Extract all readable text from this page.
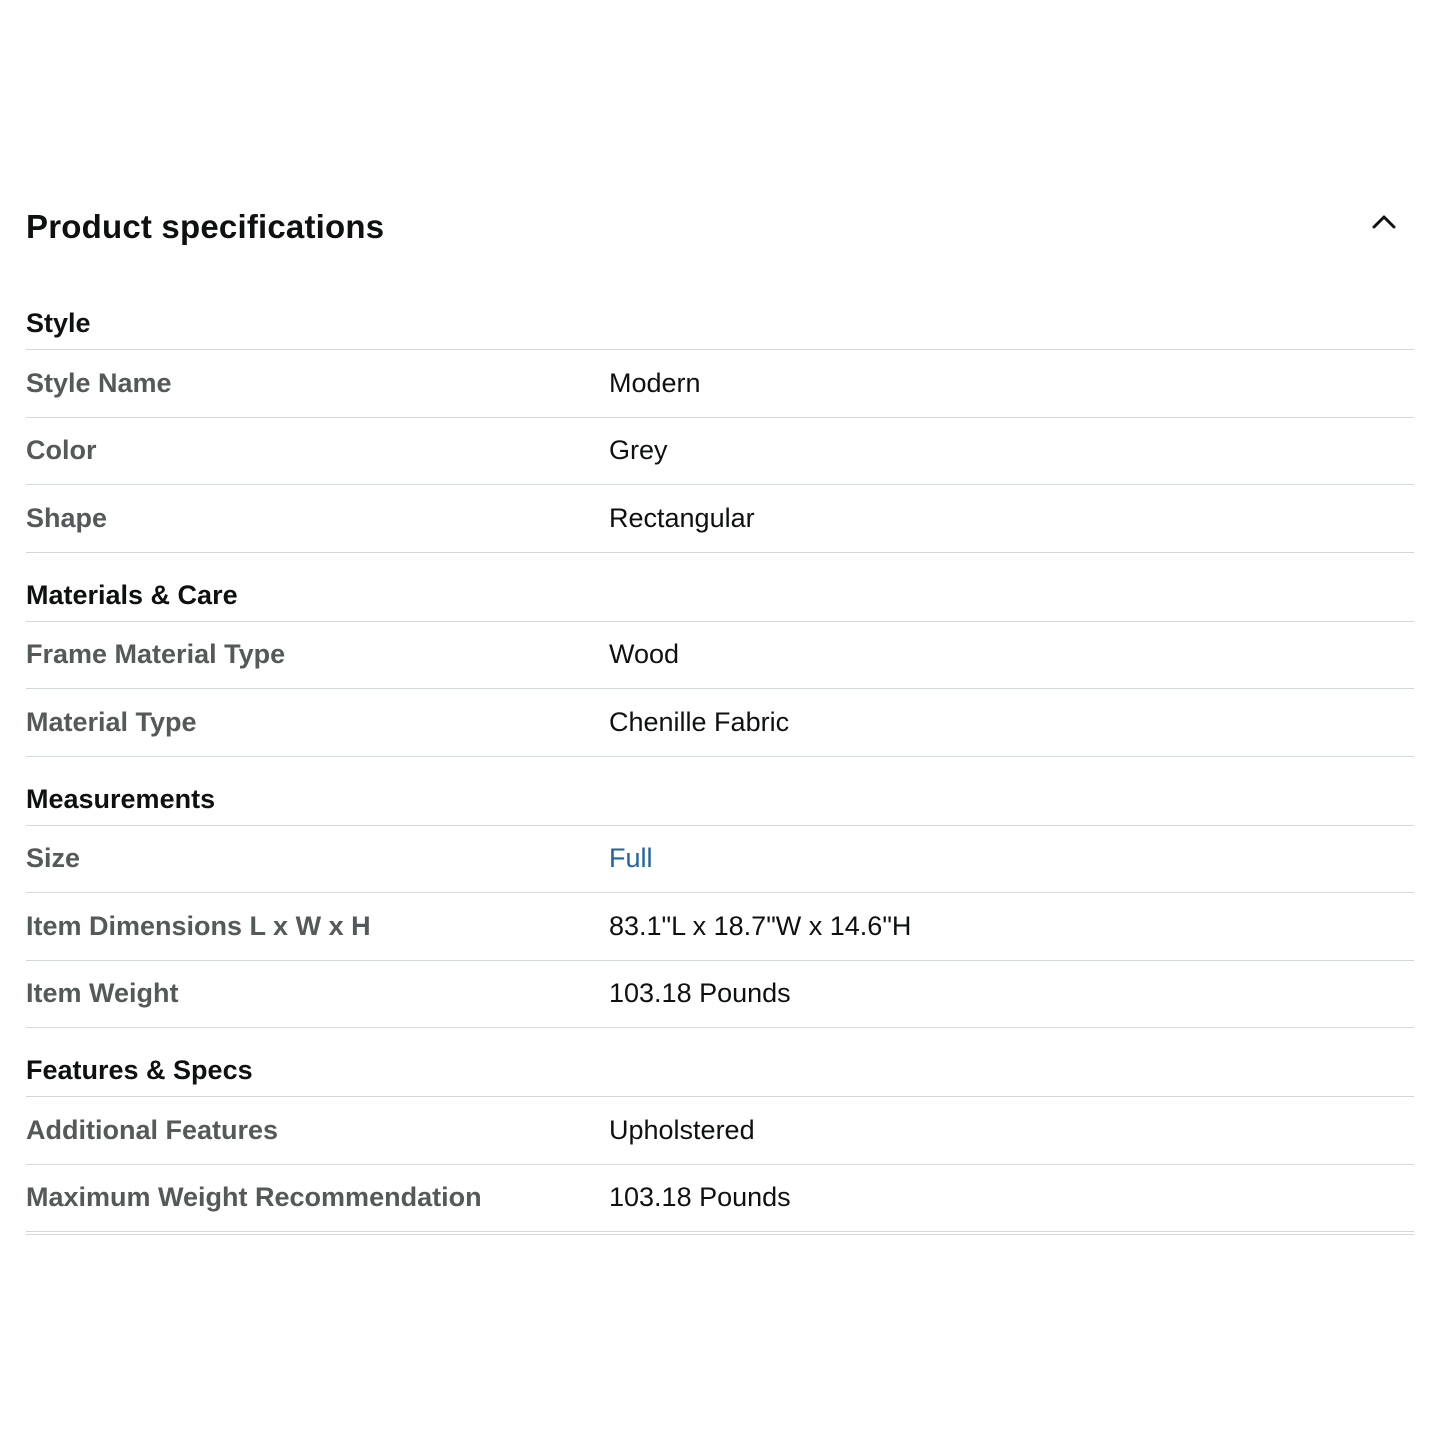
Product specifications
Style
Style Name	Modern
Color	Grey
Shape	Rectangular
Materials & Care
Frame Material Type	Wood
Material Type	Chenille Fabric
Measurements
Size	Full
Item Dimensions L x W x H	83.1"L x 18.7"W x 14.6"H
Item Weight	103.18 Pounds
Features & Specs
Additional Features	Upholstered
Maximum Weight Recommendation	103.18 Pounds
